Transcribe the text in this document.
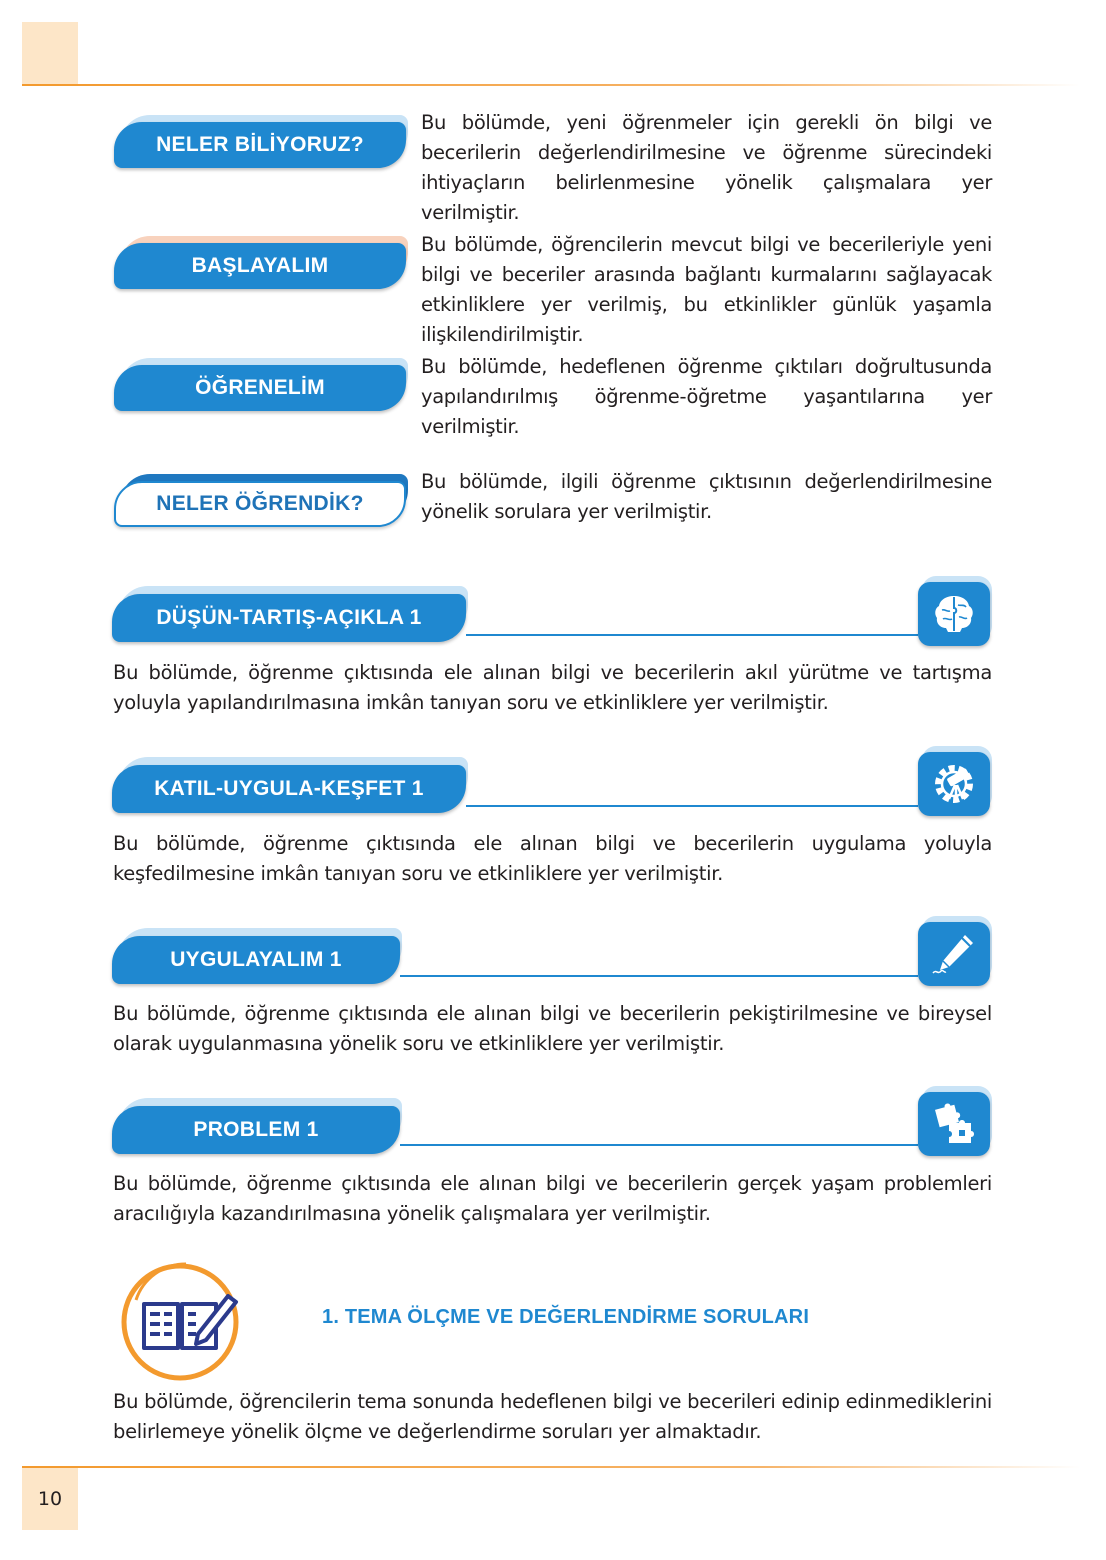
NELER BİLİYORUZ?
Bu bölümde, yeni öğrenmeler için gerekli ön bilgi ve becerilerin değerlendirilmesine ve öğrenme sürecindeki ihtiyaçların belirlenmesine yönelik çalışmalara yer verilmiştir.
BAŞLAYALIM
Bu bölümde, öğrencilerin mevcut bilgi ve becerileriyle yeni bilgi ve beceriler arasında bağlantı kurmalarını sağlayacak etkinliklere yer verilmiş, bu etkinlikler günlük yaşamla ilişkilendirilmiştir.
ÖĞRENELİM
Bu bölümde, hedeflenen öğrenme çıktıları doğrultusunda yapılandırılmış öğrenme-öğretme yaşantılarına yer verilmiştir.
NELER ÖĞRENDİK?
Bu bölümde, ilgili öğrenme çıktısının değerlendirilmesine yönelik sorulara yer verilmiştir.
DÜŞÜN-TARTIŞ-AÇIKLA 1
Bu bölümde, öğrenme çıktısında ele alınan bilgi ve becerilerin akıl yürütme ve tartışma yoluyla yapılandırılmasına imkân tanıyan soru ve etkinliklere yer verilmiştir.
KATIL-UYGULA-KEŞFET 1
Bu bölümde, öğrenme çıktısında ele alınan bilgi ve becerilerin uygulama yoluyla keşfedilmesine imkân tanıyan soru ve etkinliklere yer verilmiştir.
UYGULAYALIM 1
Bu bölümde, öğrenme çıktısında ele alınan bilgi ve becerilerin pekiştirilmesine ve bireysel olarak uygulanmasına yönelik soru ve etkinliklere yer verilmiştir.
PROBLEM 1
Bu bölümde, öğrenme çıktısında ele alınan bilgi ve becerilerin gerçek yaşam problemleri aracılığıyla kazandırılmasına yönelik çalışmalara yer verilmiştir.
1. TEMA ÖLÇME VE DEĞERLENDİRME SORULARI
Bu bölümde, öğrencilerin tema sonunda hedeflenen bilgi ve becerileri edinip edinmediklerini belirlemeye yönelik ölçme ve değerlendirme soruları yer almaktadır.
10
